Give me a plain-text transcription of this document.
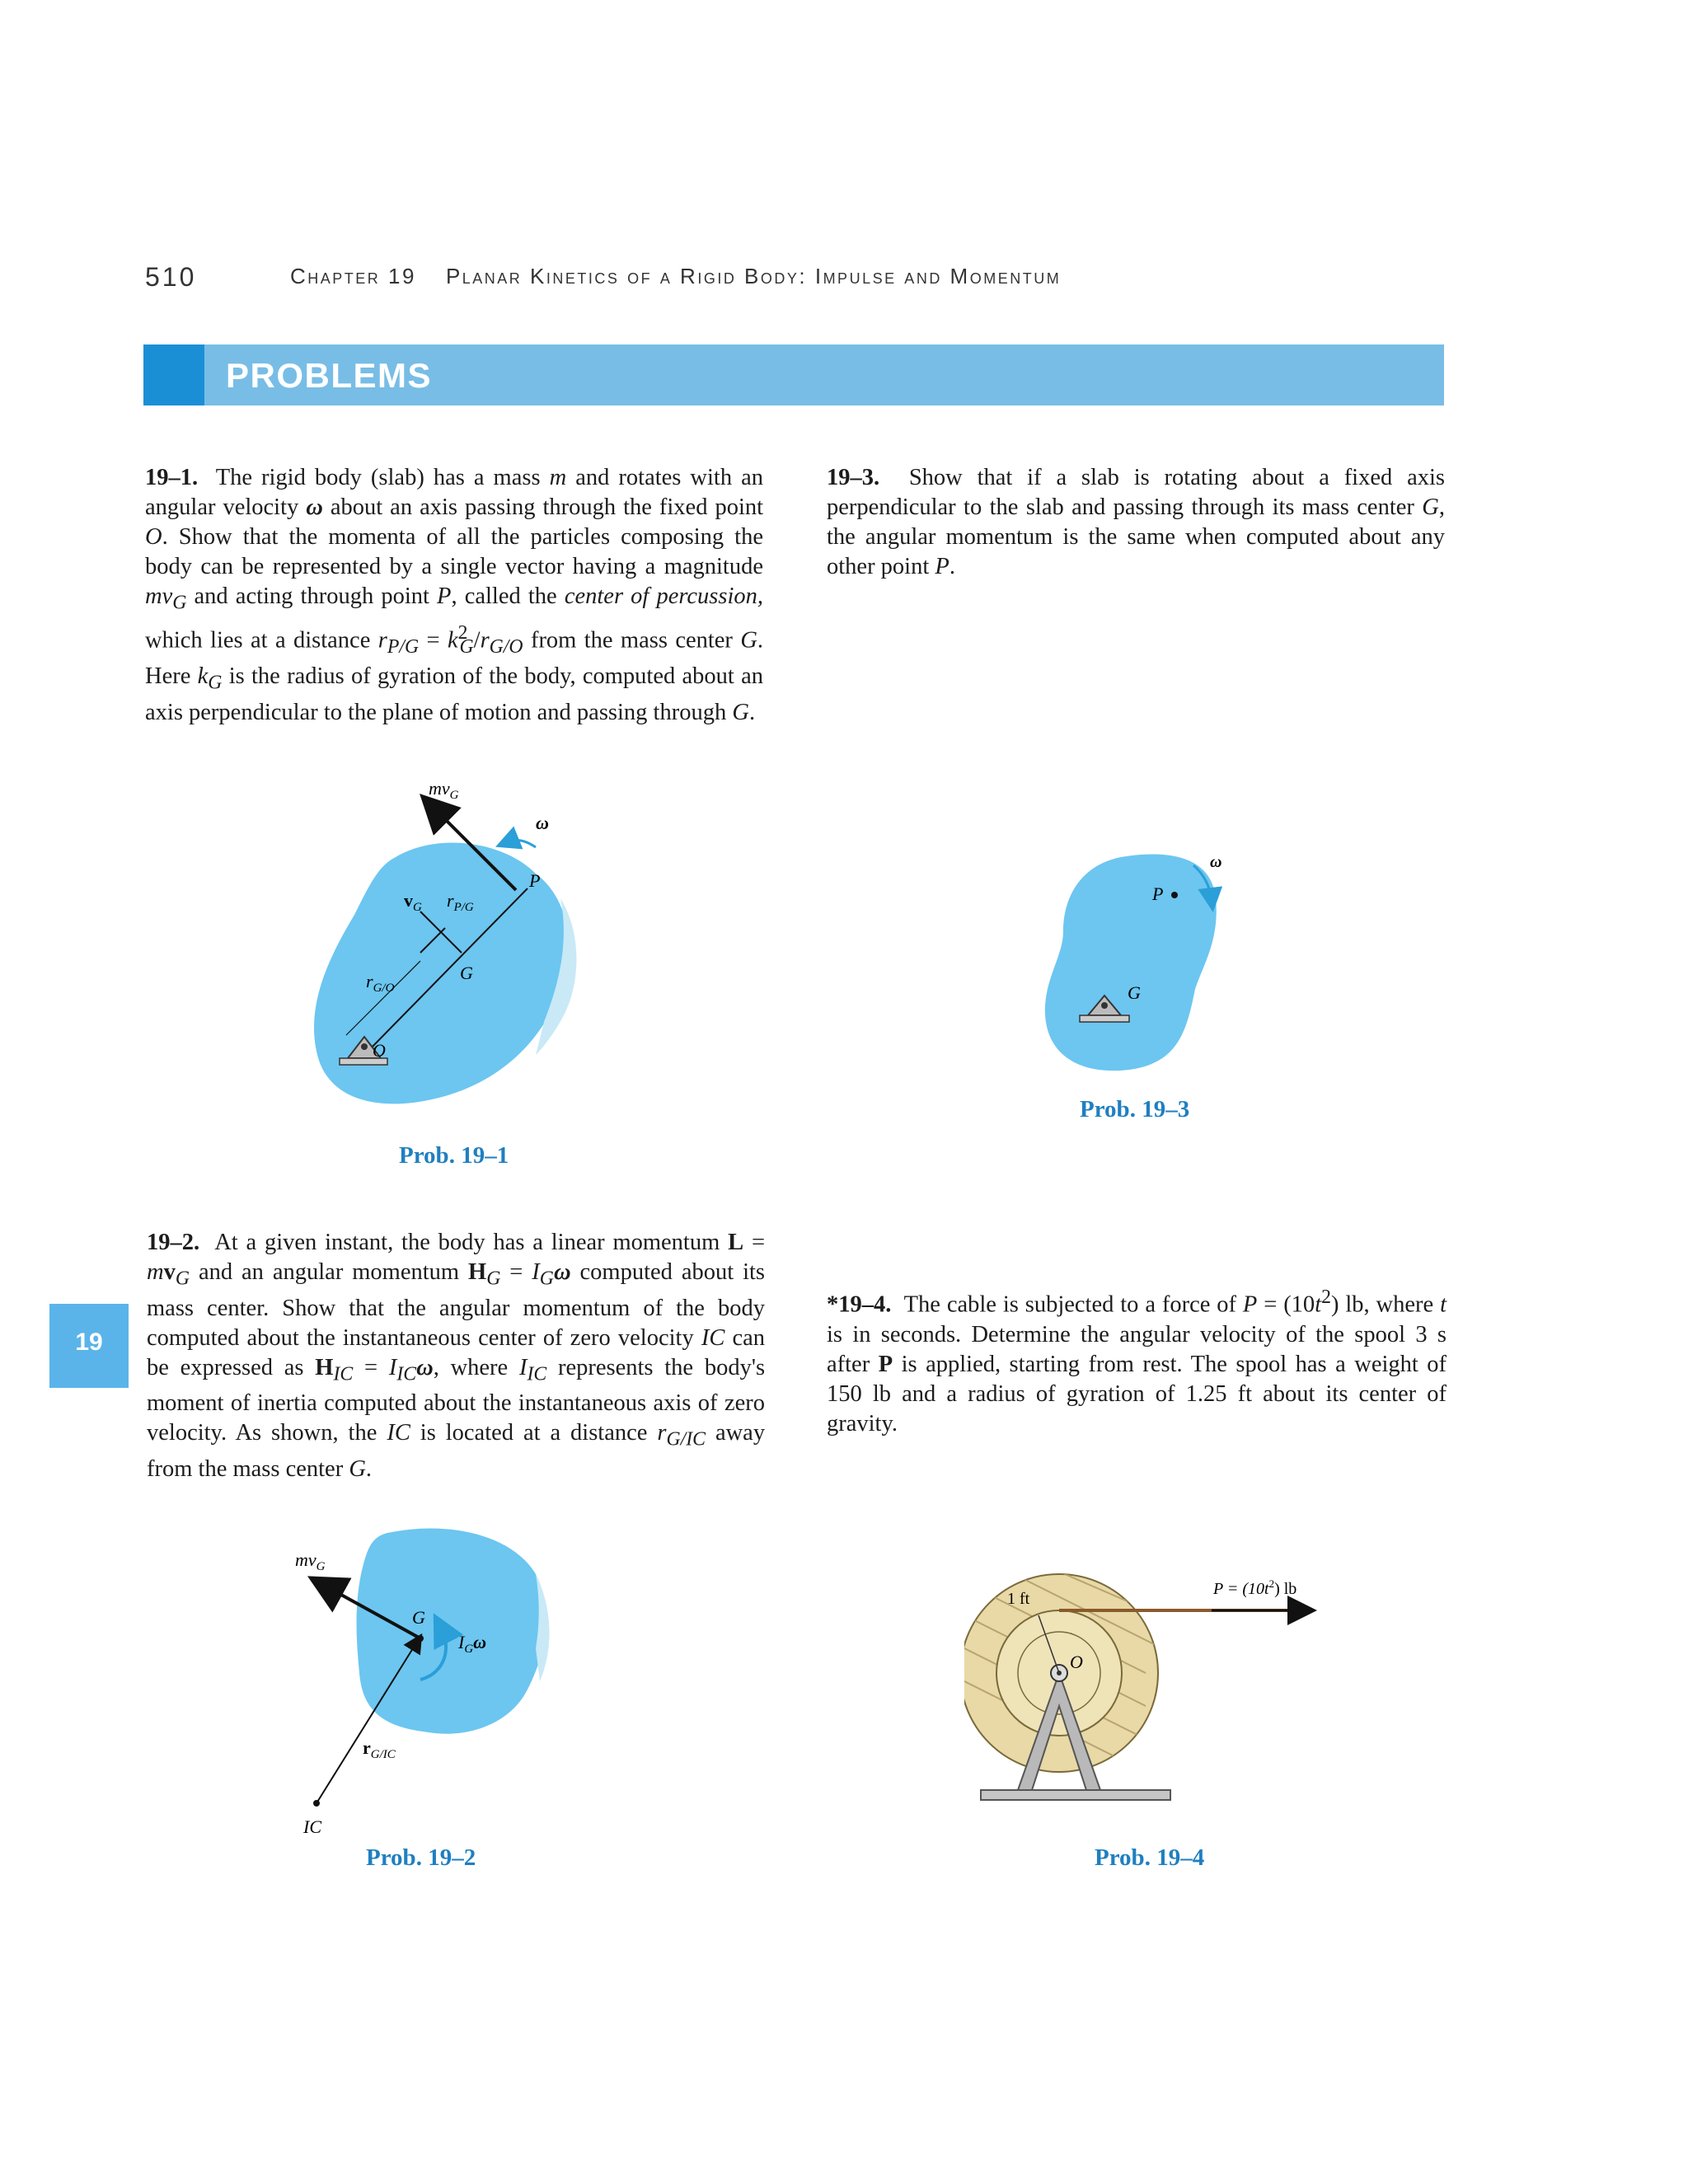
510	Chapter 19 Planar Kinetics of a Rigid Body: Impulse and Momentum
PROBLEMS
19

19–1. The rigid body (slab) has a mass m and rotates with an angular velocity ω about an axis passing through the fixed point O. Show that the momenta of all the particles composing the body can be represented by a single vector having a magnitude $mv_G$ and acting through point P, called the center of percussion, which lies at a distance $r_{P/G} = k^2_G/r_{G/O}$ from the mass center G. Here $k_G$ is the radius of gyration of the body, computed about an axis perpendicular to the plane of motion and passing through G.

19–3. Show that if a slab is rotating about a fixed axis perpendicular to the slab and passing through its mass center G, the angular momentum is the same when computed about any other point P.

19–2. At a given instant, the body has a linear momentum $L = mv_G$ and an angular momentum $H_G = I_G\omega$ computed about its mass center. Show that the angular momentum of the body computed about the instantaneous center of zero velocity IC can be expressed as $H_{IC} = I_{IC}\omega$, where $I_{IC}$ represents the body's moment of inertia computed about the instantaneous axis of zero velocity. As shown, the IC is located at a distance $r_{G/IC}$ away from the mass center G.

*19–4. The cable is subjected to a force of $P = (10t^2)$ lb, where t is in seconds. Determine the angular velocity of the spool 3 s after P is applied, starting from rest. The spool has a weight of 150 lb and a radius of gyration of 1.25 ft about its center of gravity.

$mv_G$
ω
P
$v_G$ $r_{P/G}$
$r_{G/O}$
G
O
Prob. 19–1
ω
P
G
Prob. 19–3
$mv_G$
G
$I_G\omega$
$r_{G/IC}$
IC
Prob. 19–2
1 ft
O
$P = (10t^2)$ lb
Prob. 19–4
